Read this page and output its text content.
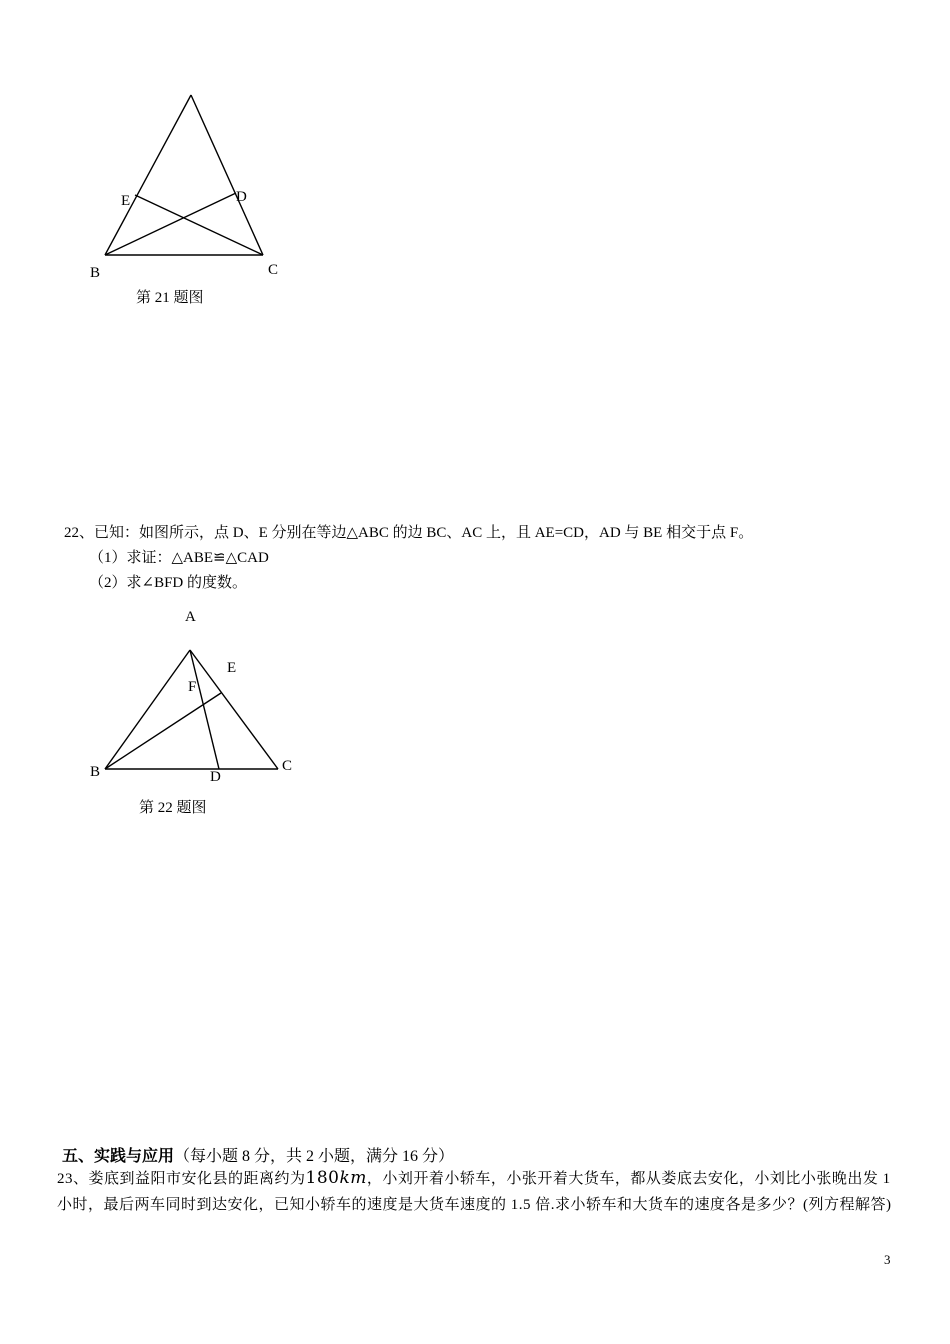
E	D
B	C
第 21 题图
22、已知：如图所示，点 D、E 分别在等边△ABC 的边 BC、AC 上，且 AE=CD，AD 与 BE 相交于点 F。
（1）求证：△ABE≌△CAD
（2）求∠BFD 的度数。
A
E
F
B	D
C
第 22 题图
五、实践与应用（每小题 8 分，共 2 小题，满分 16 分）
23、娄底到益阳市安化县的距离约为180km，小刘开着小轿车，小张开着大货车，都从娄底去安化，小刘比小张晚出发 1 小时，最后两车同时到达安化，已知小轿车的速度是大货车速度的 1.5 倍.求小轿车和大货车的速度各是多少？(列方程解答)
3
